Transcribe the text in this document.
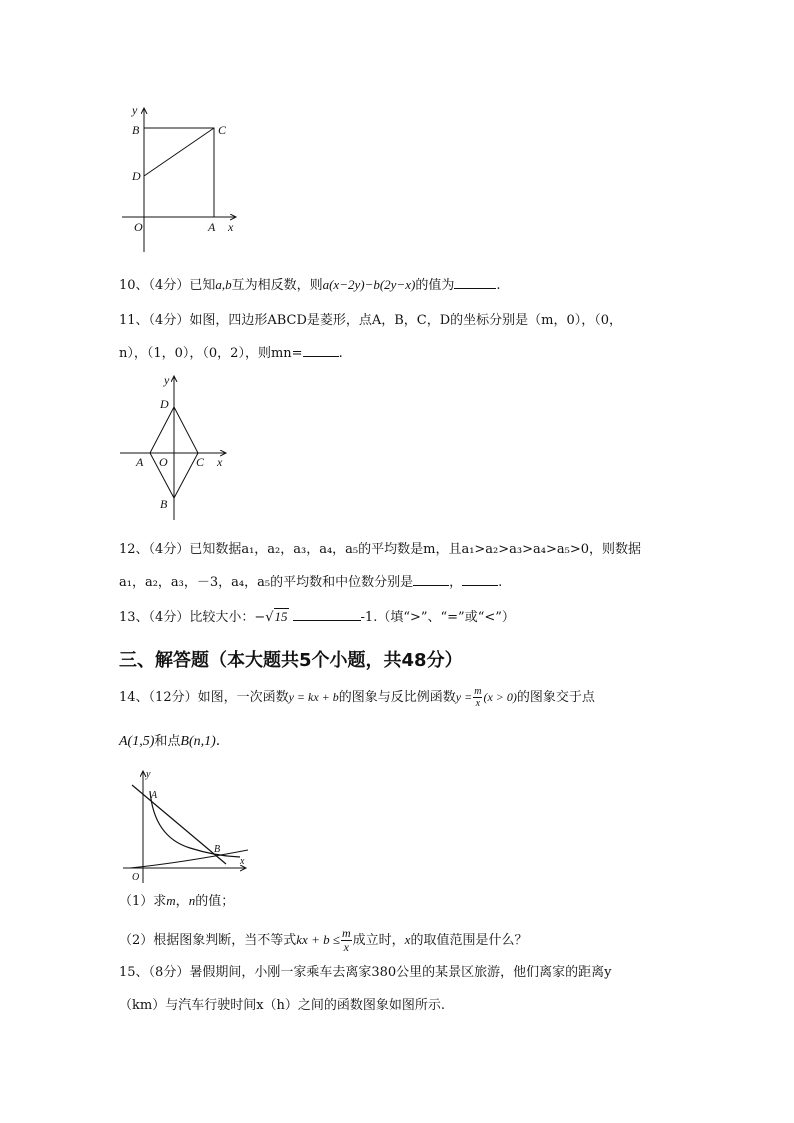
y
B	C
D
O	A x
10、（4分）已知a,b互为相反数，则a(x−2y)−b(2y−x)的值为	.
11、（4分）如图，四边形ABCD是菱形，点A，B，C，D的坐标分别是（m，0），（0，
n），（1，0），（0，2），则mn=	.
y
D
A O C x
B
12、（4分）已知数据a₁，a₂，a₃，a₄，a₅的平均数是m，且a₁>a₂>a₃>a₄>a₅>0，则数据
a₁，a₂，a₃，－3，a₄，a₅的平均数和中位数分别是	，	.
13、（4分）比较大小：−√15	-1.（填“>”、“=”或“<”）
三、解答题（本大题共5个小题，共48分）
14、（12分）如图，一次函数y = kx + b的图象与反比例函数$y = \frac{m}{x} (x > 0)$的图象交于点
A(1,5)和点B(n,1).
y
A
B
O
x
（1）求m，n的值；
（2）根据图象判断，当不等式kx + $b \le \frac{m}{x}$ 成立时，x的取值范围是什么？
15、（8分）暑假期间，小刚一家乘车去离家380公里的某景区旅游，他们离家的距离y
（km）与汽车行驶时间x（h）之间的函数图象如图所示.
